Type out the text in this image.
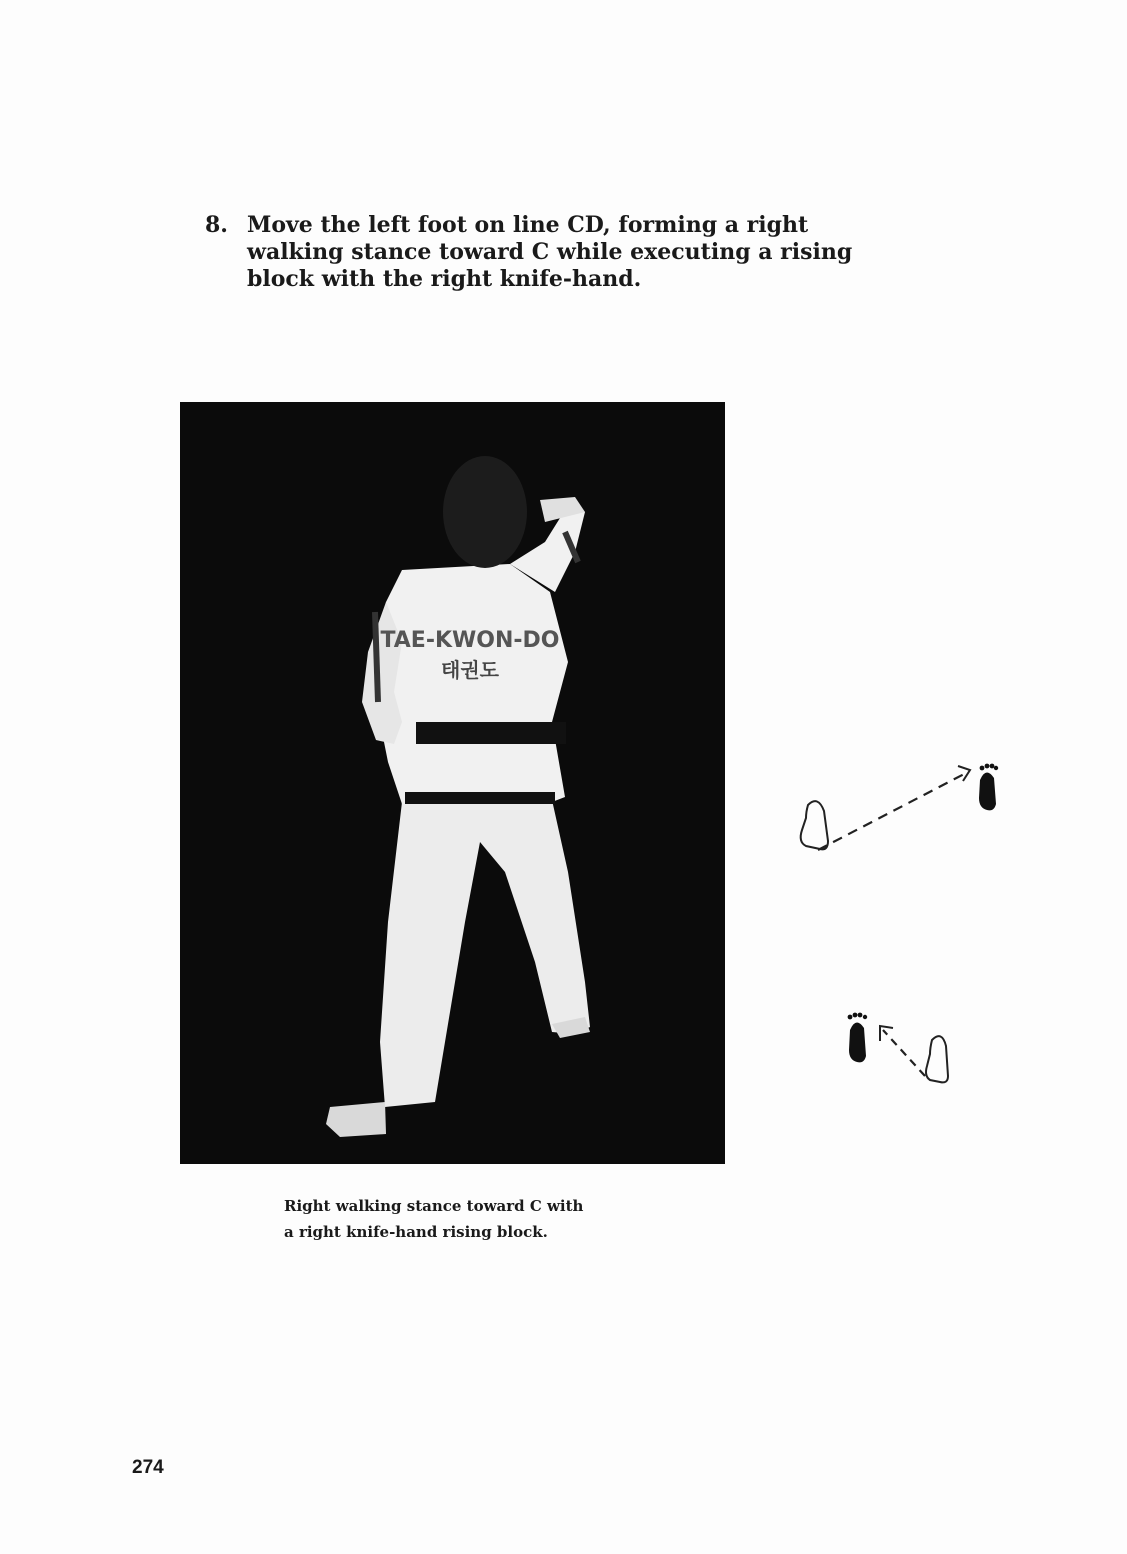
8. Move the left foot on line CD, forming a right walking stance toward C while executing a rising block with the right knife-hand.
TAE-KWON-DO
태권도
Right walking stance toward C with
a right knife-hand rising block.
274
